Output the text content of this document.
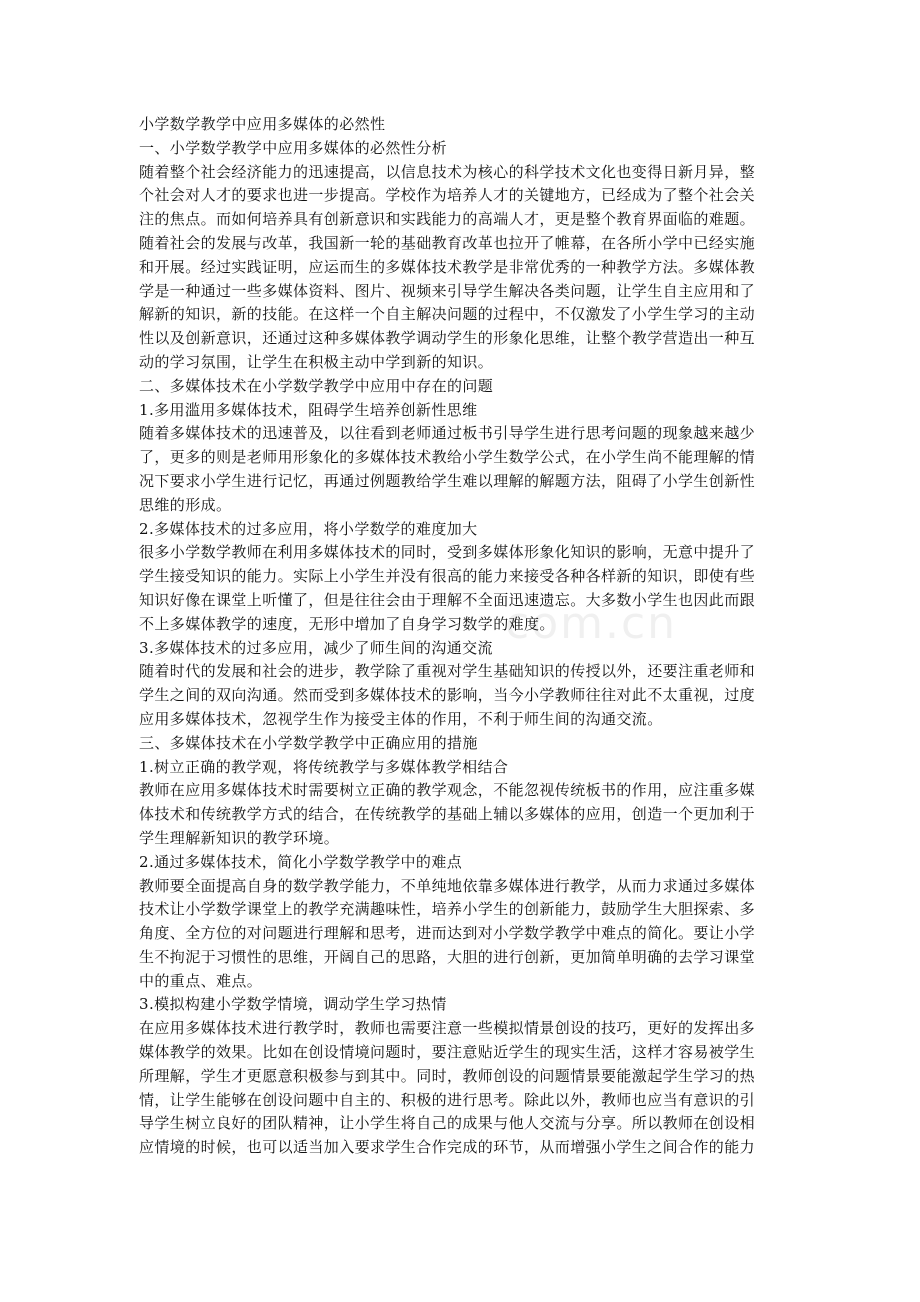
com.cn

小学数学教学中应用多媒体的必然性

一、小学数学教学中应用多媒体的必然性分析

随着整个社会经济能力的迅速提高，以信息技术为核心的科学技术文化也变得日新月异，整

个社会对人才的要求也进一步提高。学校作为培养人才的关键地方，已经成为了整个社会关

注的焦点。而如何培养具有创新意识和实践能力的高端人才，更是整个教育界面临的难题。

随着社会的发展与改革，我国新一轮的基础教育改革也拉开了帷幕，在各所小学中已经实施

和开展。经过实践证明，应运而生的多媒体技术教学是非常优秀的一种教学方法。多媒体教

学是一种通过一些多媒体资料、图片、视频来引导学生解决各类问题，让学生自主应用和了

解新的知识，新的技能。在这样一个自主解决问题的过程中，不仅激发了小学生学习的主动

性以及创新意识，还通过这种多媒体教学调动学生的形象化思维，让整个教学营造出一种互

动的学习氛围，让学生在积极主动中学到新的知识。

二、多媒体技术在小学数学教学中应用中存在的问题

1.多用滥用多媒体技术，阻碍学生培养创新性思维

随着多媒体技术的迅速普及，以往看到老师通过板书引导学生进行思考问题的现象越来越少

了，更多的则是老师用形象化的多媒体技术教给小学生数学公式，在小学生尚不能理解的情

况下要求小学生进行记忆，再通过例题教给学生难以理解的解题方法，阻碍了小学生创新性

思维的形成。

2.多媒体技术的过多应用，将小学数学的难度加大

很多小学数学教师在利用多媒体技术的同时，受到多媒体形象化知识的影响，无意中提升了

学生接受知识的能力。实际上小学生并没有很高的能力来接受各种各样新的知识，即使有些

知识好像在课堂上听懂了，但是往往会由于理解不全面迅速遗忘。大多数小学生也因此而跟

不上多媒体教学的速度，无形中增加了自身学习数学的难度。

3.多媒体技术的过多应用，减少了师生间的沟通交流

随着时代的发展和社会的进步，教学除了重视对学生基础知识的传授以外，还要注重老师和

学生之间的双向沟通。然而受到多媒体技术的影响，当今小学教师往往对此不太重视，过度

应用多媒体技术，忽视学生作为接受主体的作用，不利于师生间的沟通交流。

三、多媒体技术在小学数学教学中正确应用的措施

1.树立正确的教学观，将传统教学与多媒体教学相结合

教师在应用多媒体技术时需要树立正确的教学观念，不能忽视传统板书的作用，应注重多媒

体技术和传统教学方式的结合，在传统教学的基础上辅以多媒体的应用，创造一个更加利于

学生理解新知识的教学环境。

2.通过多媒体技术，简化小学数学教学中的难点

教师要全面提高自身的数学教学能力，不单纯地依靠多媒体进行教学，从而力求通过多媒体

技术让小学数学课堂上的教学充满趣味性，培养小学生的创新能力，鼓励学生大胆探索、多

角度、全方位的对问题进行理解和思考，进而达到对小学数学教学中难点的简化。要让小学

生不拘泥于习惯性的思维，开阔自己的思路，大胆的进行创新，更加简单明确的去学习课堂

中的重点、难点。

3.模拟构建小学数学情境，调动学生学习热情

在应用多媒体技术进行教学时，教师也需要注意一些模拟情景创设的技巧，更好的发挥出多

媒体教学的效果。比如在创设情境问题时，要注意贴近学生的现实生活，这样才容易被学生

所理解，学生才更愿意积极参与到其中。同时，教师创设的问题情景要能激起学生学习的热

情，让学生能够在创设问题中自主的、积极的进行思考。除此以外，教师也应当有意识的引

导学生树立良好的团队精神，让小学生将自己的成果与他人交流与分享。所以教师在创设相

应情境的时候，也可以适当加入要求学生合作完成的环节，从而增强小学生之间合作的能力
